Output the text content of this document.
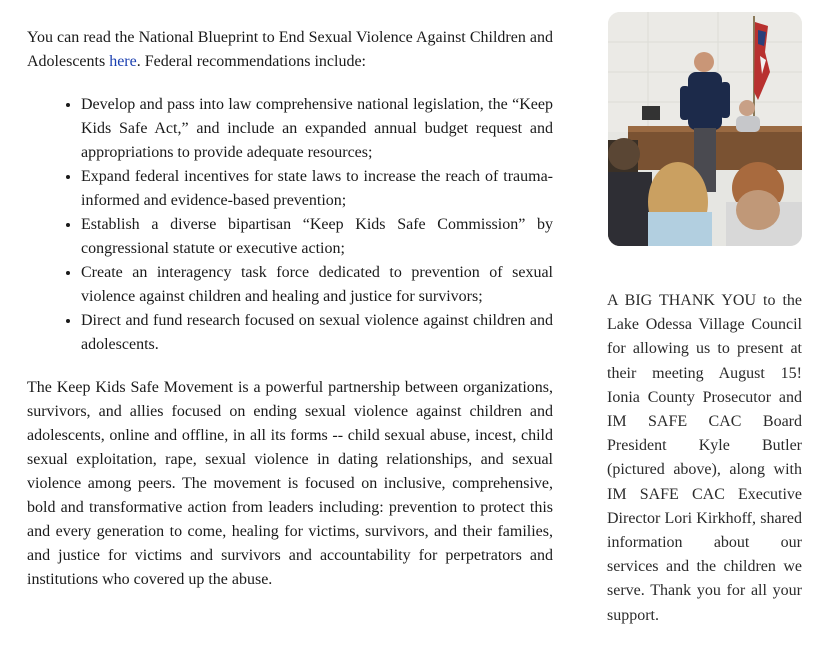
You can read the National Blueprint to End Sexual Violence Against Children and Adolescents here. Federal recommendations include:

• Develop and pass into law comprehensive national legislation, the “Keep Kids Safe Act,” and include an expanded annual budget request and appropriations to provide adequate resources;
• Expand federal incentives for state laws to increase the reach of trauma-informed and evidence-based prevention;
• Establish a diverse bipartisan “Keep Kids Safe Commission” by congressional statute or executive action;
• Create an interagency task force dedicated to prevention of sexual violence against children and healing and justice for survivors;
• Direct and fund research focused on sexual violence against children and adolescents.

The Keep Kids Safe Movement is a powerful partnership between organizations, survivors, and allies focused on ending sexual violence against children and adolescents, online and offline, in all its forms -- child sexual abuse, incest, child sexual exploitation, rape, sexual violence in dating relationships, and sexual violence among peers. The movement is focused on inclusive, comprehensive, bold and transformative action from leaders including: prevention to protect this and every generation to come, healing for victims, survivors, and their families, and justice for victims and survivors and accountability for perpetrators and institutions who covered up the abuse.

A BIG THANK YOU to the Lake Odessa Village Council for allowing us to present at their meeting August 15! Ionia County Prosecutor and IM SAFE CAC Board President Kyle Butler (pictured above), along with IM SAFE CAC Executive Director Lori Kirkhoff, shared information about our services and the children we serve. Thank you for all your support.
